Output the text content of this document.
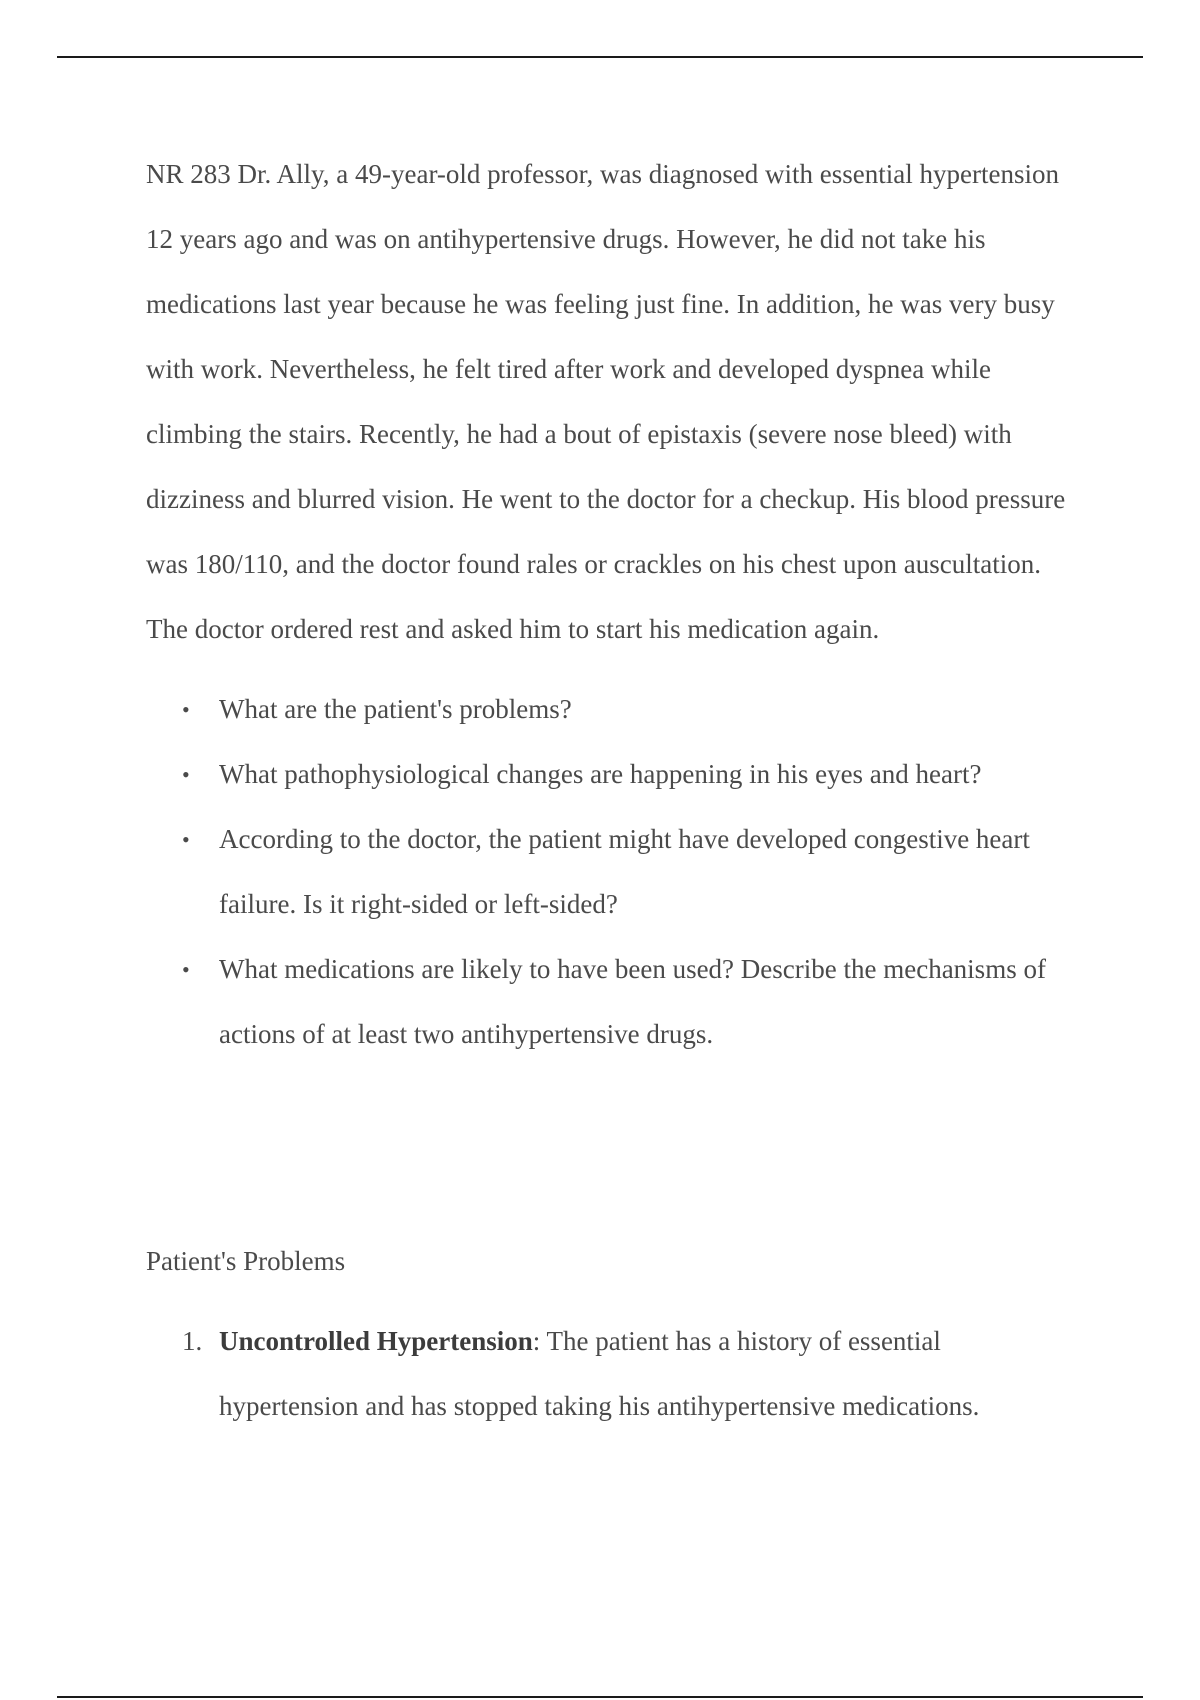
NR 283 Dr. Ally, a 49-year-old professor, was diagnosed with essential hypertension 12 years ago and was on antihypertensive drugs. However, he did not take his medications last year because he was feeling just fine. In addition, he was very busy with work. Nevertheless, he felt tired after work and developed dyspnea while climbing the stairs. Recently, he had a bout of epistaxis (severe nose bleed) with dizziness and blurred vision. He went to the doctor for a checkup. His blood pressure was 180/110, and the doctor found rales or crackles on his chest upon auscultation. The doctor ordered rest and asked him to start his medication again.

• What are the patient's problems?
• What pathophysiological changes are happening in his eyes and heart?
• According to the doctor, the patient might have developed congestive heart failure. Is it right-sided or left-sided?
• What medications are likely to have been used? Describe the mechanisms of actions of at least two antihypertensive drugs.

Patient's Problems

1. Uncontrolled Hypertension: The patient has a history of essential hypertension and has stopped taking his antihypertensive medications.
